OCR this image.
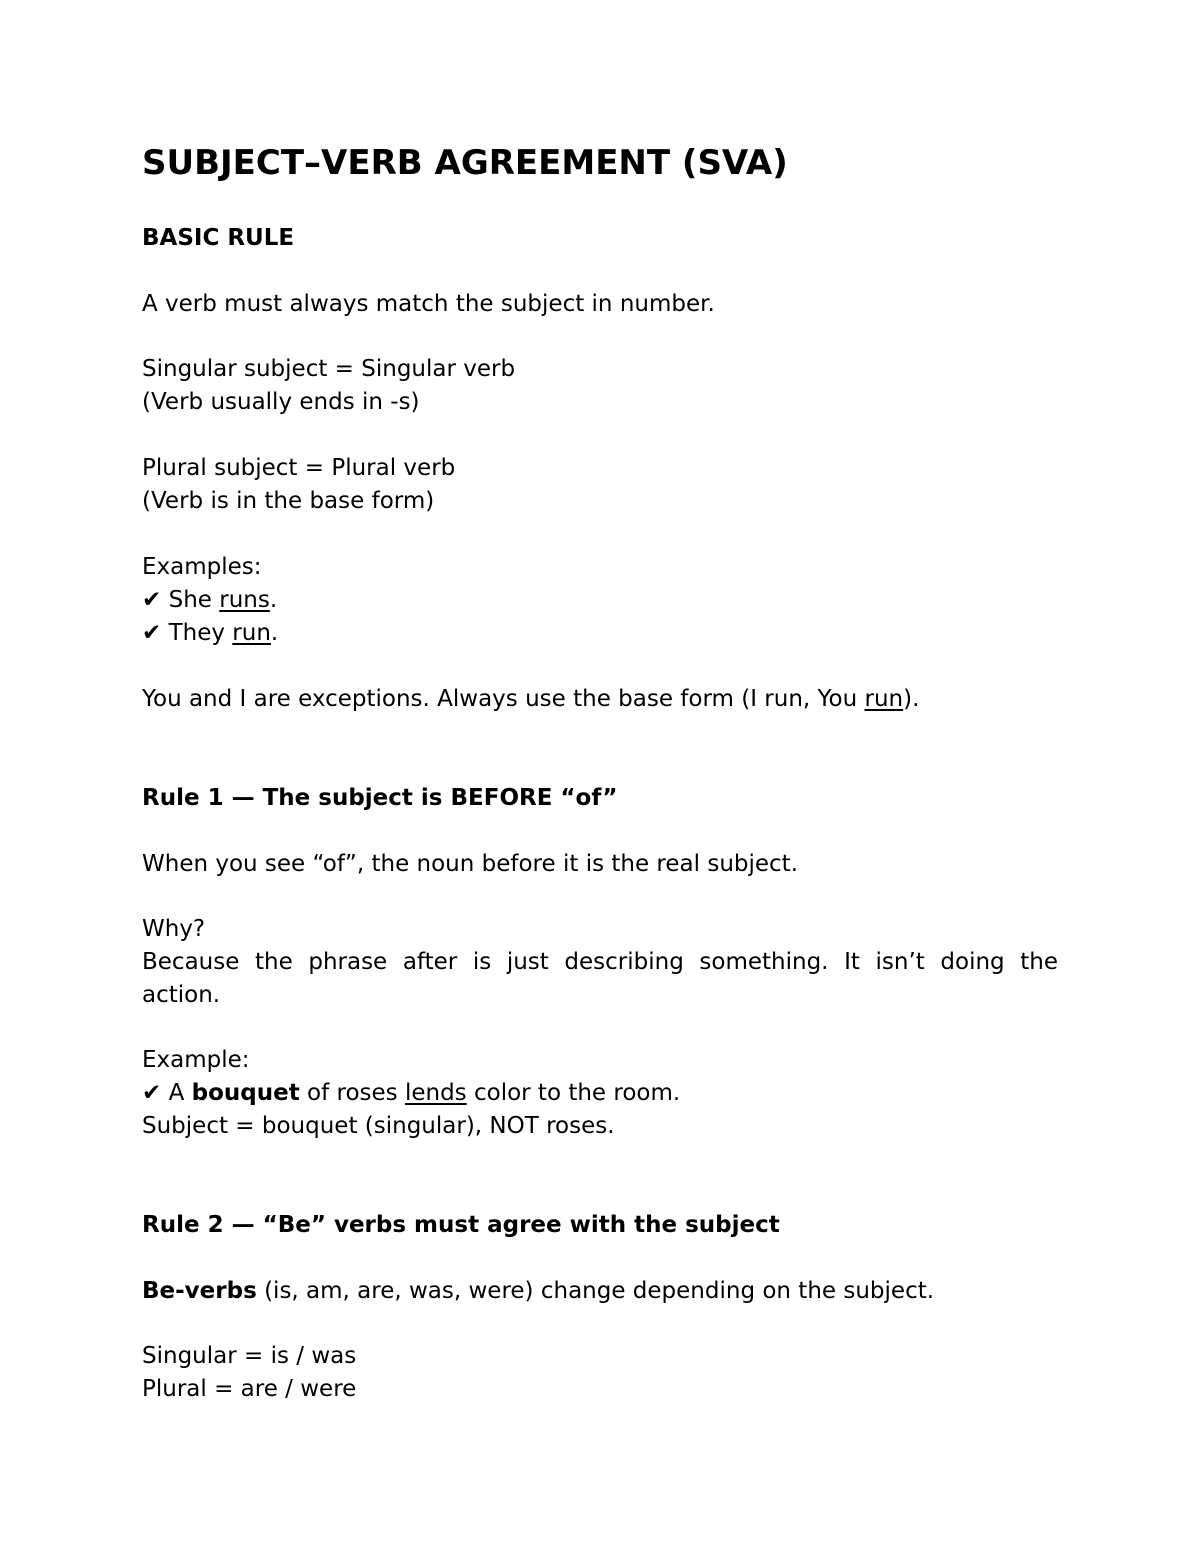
SUBJECT–VERB AGREEMENT (SVA)
BASIC RULE

A verb must always match the subject in number.

Singular subject = Singular verb

(Verb usually ends in -s)

Plural subject = Plural verb

(Verb is in the base form)

Examples:

✔ She runs.

✔ They run.

You and I are exceptions. Always use the base form (I run, You run).

Rule 1 — The subject is BEFORE “of”

When you see “of”, the noun before it is the real subject.

Why?

Because the phrase after is just describing something. It isn’t doing the action.

Example:

✔ A bouquet of roses lends color to the room.

Subject = bouquet (singular), NOT roses.

Rule 2 — “Be” verbs must agree with the subject

Be-verbs (is, am, are, was, were) change depending on the subject.

Singular = is / was

Plural = are / were
